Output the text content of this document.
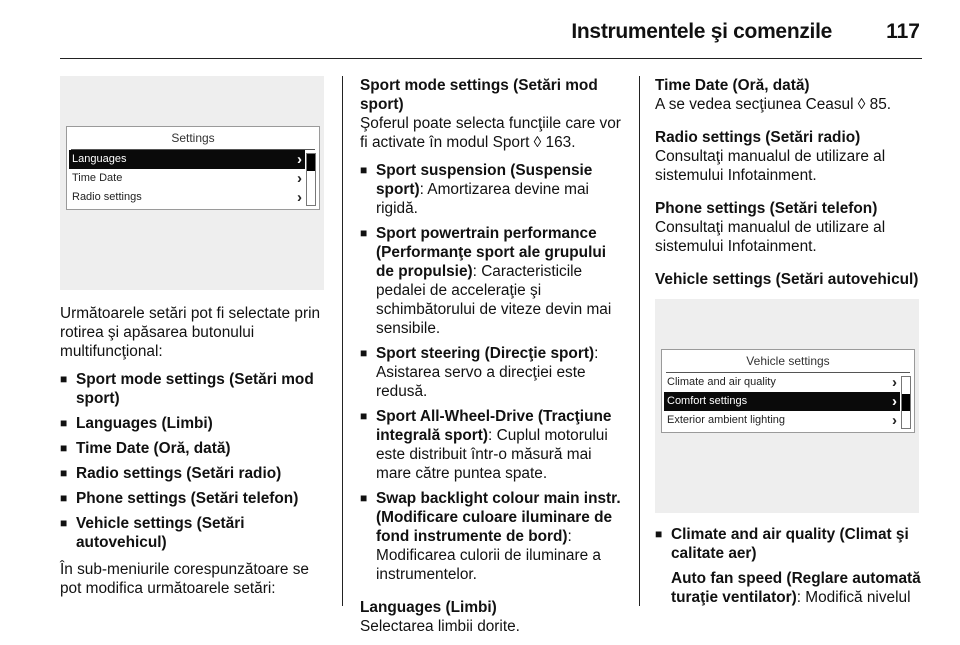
Instrumentele şi comenzile	117
Settings
Languages	›
Time Date	›
Radio settings	›

Următoarele setări pot fi selectate prin rotirea şi apăsarea butonului multifuncţional:

■ Sport mode settings (Setări mod sport)
■ Languages (Limbi)
■ Time Date (Oră, dată)
■ Radio settings (Setări radio)
■ Phone settings (Setări telefon)
■ Vehicle settings (Setări autovehicul)

În sub-meniurile corespunzătoare se pot modifica următoarele setări:

Sport mode settings (Setări mod sport)

Şoferul poate selecta funcţiile care vor fi activate în modul Sport ◊ 163.

■ Sport suspension (Suspensie sport): Amortizarea devine mai rigidă.
■ Sport powertrain performance (Performanţe sport ale grupului de propulsie): Caracteristicile pedalei de acceleraţie şi schimbătorului de viteze devin mai sensibile.
■ Sport steering (Direcţie sport): Asistarea servo a direcţiei este redusă.
■ Sport All-Wheel-Drive (Tracţiune integrală sport): Cuplul motorului este distribuit într-o măsură mai mare către puntea spate.
■ Swap backlight colour main instr. (Modificare culoare iluminare de fond instrumente de bord): Modificarea culorii de iluminare a instrumentelor.

Languages (Limbi)

Selectarea limbii dorite.

Time Date (Oră, dată)

A se vedea secţiunea Ceasul ◊ 85.

Radio settings (Setări radio)

Consultaţi manualul de utilizare al sistemului Infotainment.

Phone settings (Setări telefon)

Consultaţi manualul de utilizare al sistemului Infotainment.

Vehicle settings (Setări autovehicul)

Vehicle settings
Climate and air quality	›
Comfort settings	›
Exterior ambient lighting	›
■ Climate and air quality (Climat şi calitate aer)

Auto fan speed (Reglare automată turaţie ventilator): Modifică nivelul
